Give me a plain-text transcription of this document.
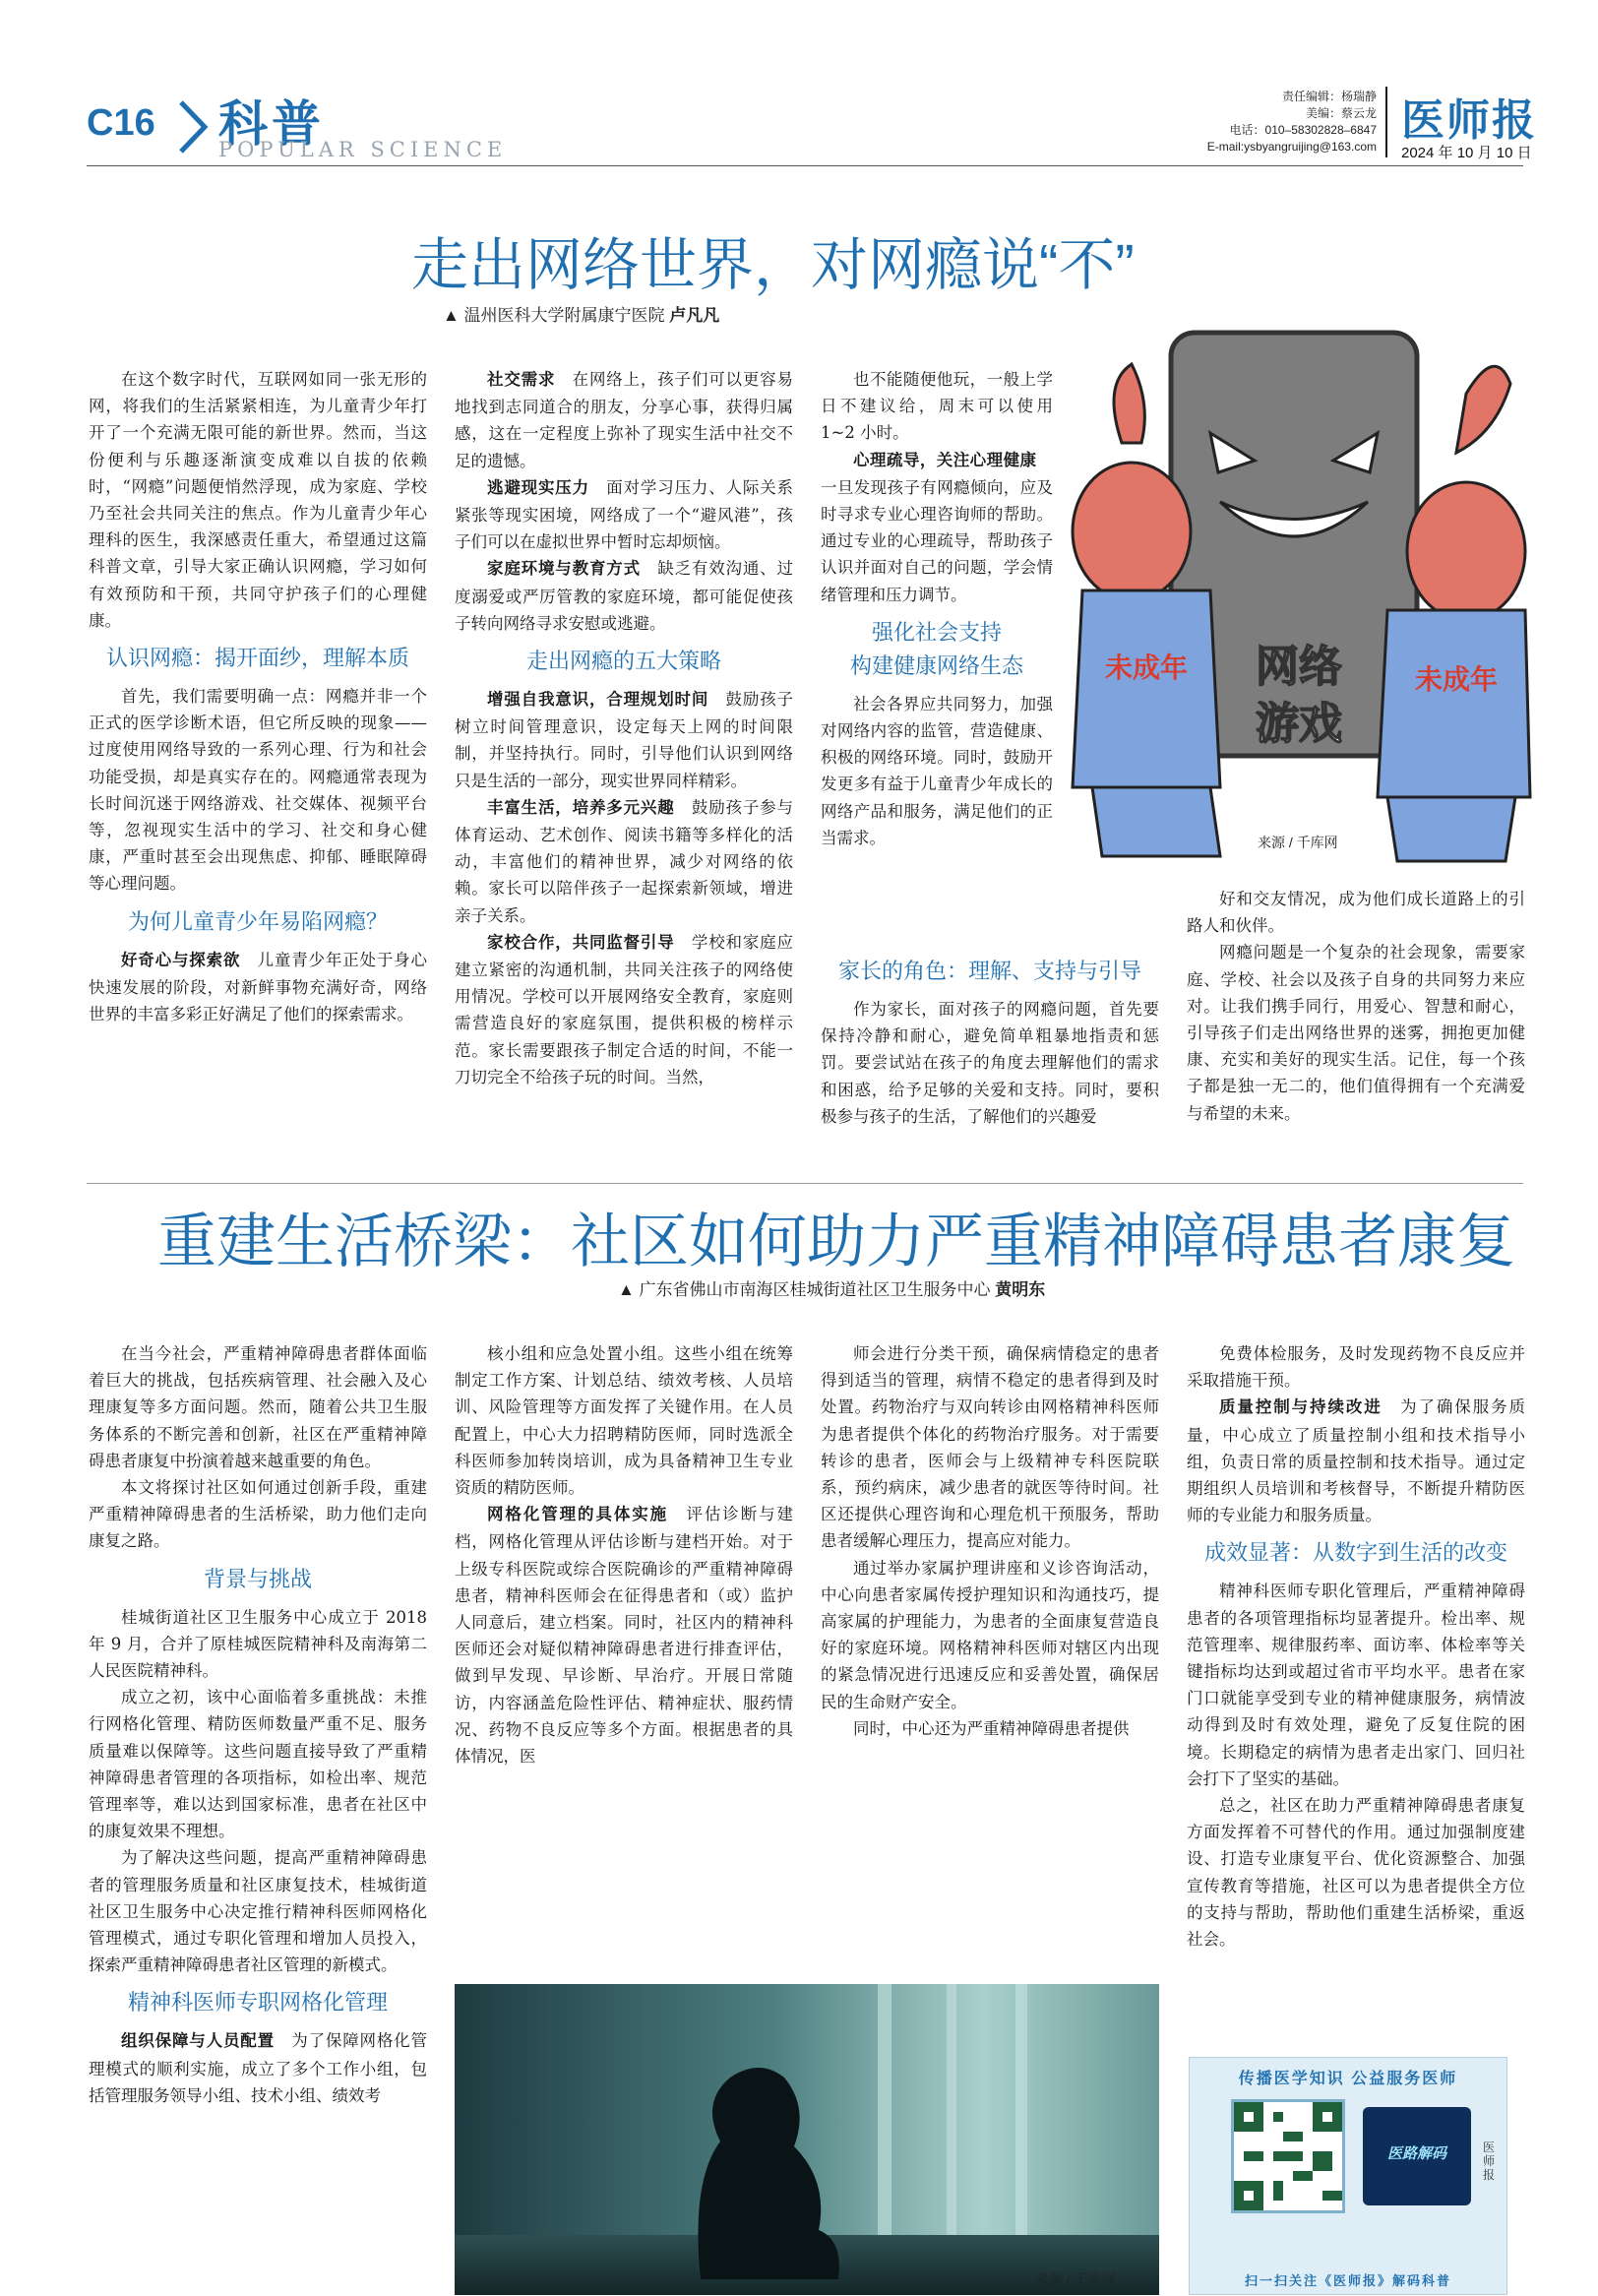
C16 科普
POPULAR SCIENCE
责任编辑：杨瑞静
美编：蔡云龙
电话：010–58302828–6847
E-mail:ysbyangruijing@163.com
医师报
2024 年 10 月 10 日
走出网络世界，对网瘾说“不”
▲ 温州医科大学附属康宁医院 卢凡凡

在这个数字时代，互联网如同一张无形的网，将我们的生活紧紧相连，为儿童青少年打开了一个充满无限可能的新世界。然而，当这份便利与乐趣逐渐演变成难以自拔的依赖时，“网瘾”问题便悄然浮现，成为家庭、学校乃至社会共同关注的焦点。作为儿童青少年心理科的医生，我深感责任重大，希望通过这篇科普文章，引导大家正确认识网瘾，学习如何有效预防和干预，共同守护孩子们的心理健康。

认识网瘾：揭开面纱，理解本质

首先，我们需要明确一点：网瘾并非一个正式的医学诊断术语，但它所反映的现象——过度使用网络导致的一系列心理、行为和社会功能受损，却是真实存在的。网瘾通常表现为长时间沉迷于网络游戏、社交媒体、视频平台等，忽视现实生活中的学习、社交和身心健康，严重时甚至会出现焦虑、抑郁、睡眠障碍等心理问题。

为何儿童青少年易陷网瘾？

好奇心与探索欲  儿童青少年正处于身心快速发展的阶段，对新鲜事物充满好奇，网络世界的丰富多彩正好满足了他们的探索需求。

社交需求  在网络上，孩子们可以更容易地找到志同道合的朋友，分享心事，获得归属感，这在一定程度上弥补了现实生活中社交不足的遗憾。

逃避现实压力  面对学习压力、人际关系紧张等现实困境，网络成了一个“避风港”，孩子们可以在虚拟世界中暂时忘却烦恼。

家庭环境与教育方式  缺乏有效沟通、过度溺爱或严厉管教的家庭环境，都可能促使孩子转向网络寻求安慰或逃避。

走出网瘾的五大策略

增强自我意识，合理规划时间  鼓励孩子树立时间管理意识，设定每天上网的时间限制，并坚持执行。同时，引导他们认识到网络只是生活的一部分，现实世界同样精彩。

丰富生活，培养多元兴趣  鼓励孩子参与体育运动、艺术创作、阅读书籍等多样化的活动，丰富他们的精神世界，减少对网络的依赖。家长可以陪伴孩子一起探索新领域，增进亲子关系。

家校合作，共同监督引导  学校和家庭应建立紧密的沟通机制，共同关注孩子的网络使用情况。学校可以开展网络安全教育，家庭则需营造良好的家庭氛围，提供积极的榜样示范。家长需要跟孩子制定合适的时间，不能一刀切完全不给孩子玩的时间。当然，

也不能随便他玩，一般上学日不建议给，周末可以使用 1~2 小时。

心理疏导，关注心理健康 一旦发现孩子有网瘾倾向，应及时寻求专业心理咨询师的帮助。通过专业的心理疏导，帮助孩子认识并面对自己的问题，学会情绪管理和压力调节。

强化社会支持
构建健康网络生态

社会各界应共同努力，加强对网络内容的监管，营造健康、积极的网络环境。同时，鼓励开发更多有益于儿童青少年成长的网络产品和服务，满足他们的正当需求。

家长的角色：理解、支持与引导

作为家长，面对孩子的网瘾问题，首先要保持冷静和耐心，避免简单粗暴地指责和惩罚。要尝试站在孩子的角度去理解他们的需求和困惑，给予足够的关爱和支持。同时，要积极参与孩子的生活，了解他们的兴趣爱

好和交友情况，成为他们成长道路上的引路人和伙伴。

网瘾问题是一个复杂的社会现象，需要家庭、学校、社会以及孩子自身的共同努力来应对。让我们携手同行，用爱心、智慧和耐心，引导孩子们走出网络世界的迷雾，拥抱更加健康、充实和美好的现实生活。记住，每一个孩子都是独一无二的，他们值得拥有一个充满爱与希望的未来。

未成年	未成年
网络
游戏
来源 / 千库网
重建生活桥梁：社区如何助力严重精神障碍患者康复
▲ 广东省佛山市南海区桂城街道社区卫生服务中心 黄明东

在当今社会，严重精神障碍患者群体面临着巨大的挑战，包括疾病管理、社会融入及心理康复等多方面问题。然而，随着公共卫生服务体系的不断完善和创新，社区在严重精神障碍患者康复中扮演着越来越重要的角色。

本文将探讨社区如何通过创新手段，重建严重精神障碍患者的生活桥梁，助力他们走向康复之路。

背景与挑战

桂城街道社区卫生服务中心成立于 2018 年 9 月，合并了原桂城医院精神科及南海第二人民医院精神科。

成立之初，该中心面临着多重挑战：未推行网格化管理、精防医师数量严重不足、服务质量难以保障等。这些问题直接导致了严重精神障碍患者管理的各项指标，如检出率、规范管理率等，难以达到国家标准，患者在社区中的康复效果不理想。

为了解决这些问题，提高严重精神障碍患者的管理服务质量和社区康复技术，桂城街道社区卫生服务中心决定推行精神科医师网格化管理模式，通过专职化管理和增加人员投入，探索严重精神障碍患者社区管理的新模式。

精神科医师专职网格化管理

组织保障与人员配置  为了保障网格化管理模式的顺利实施，成立了多个工作小组，包括管理服务领导小组、技术小组、绩效考

核小组和应急处置小组。这些小组在统筹制定工作方案、计划总结、绩效考核、人员培训、风险管理等方面发挥了关键作用。在人员配置上，中心大力招聘精防医师，同时选派全科医师参加转岗培训，成为具备精神卫生专业资质的精防医师。

网格化管理的具体实施  评估诊断与建档，网格化管理从评估诊断与建档开始。对于上级专科医院或综合医院确诊的严重精神障碍患者，精神科医师会在征得患者和（或）监护人同意后，建立档案。同时，社区内的精神科医师还会对疑似精神障碍患者进行排查评估，做到早发现、早诊断、早治疗。开展日常随访，内容涵盖危险性评估、精神症状、服药情况、药物不良反应等多个方面。根据患者的具体情况，医

师会进行分类干预，确保病情稳定的患者得到适当的管理，病情不稳定的患者得到及时处置。药物治疗与双向转诊由网格精神科医师为患者提供个体化的药物治疗服务。对于需要转诊的患者，医师会与上级精神专科医院联系，预约病床，减少患者的就医等待时间。社区还提供心理咨询和心理危机干预服务，帮助患者缓解心理压力，提高应对能力。

通过举办家属护理讲座和义诊咨询活动，中心向患者家属传授护理知识和沟通技巧，提高家属的护理能力，为患者的全面康复营造良好的家庭环境。网格精神科医师对辖区内出现的紧急情况进行迅速反应和妥善处置，确保居民的生命财产安全。

同时，中心还为严重精神障碍患者提供

免费体检服务，及时发现药物不良反应并采取措施干预。

质量控制与持续改进  为了确保服务质量，中心成立了质量控制小组和技术指导小组，负责日常的质量控制和技术指导。通过定期组织人员培训和考核督导，不断提升精防医师的专业能力和服务质量。

成效显著：从数字到生活的改变

精神科医师专职化管理后，严重精神障碍患者的各项管理指标均显著提升。检出率、规范管理率、规律服药率、面访率、体检率等关键指标均达到或超过省市平均水平。患者在家门口就能享受到专业的精神健康服务，病情波动得到及时有效处理，避免了反复住院的困境。长期稳定的病情为患者走出家门、回归社会打下了坚实的基础。

总之，社区在助力严重精神障碍患者康复方面发挥着不可替代的作用。通过加强制度建设、打造专业康复平台、优化资源整合、加强宣传教育等措施，社区可以为患者提供全方位的支持与帮助，帮助他们重建生活桥梁，重返社会。

来源 / 千库网
传播医学知识 公益服务医师
医路解码	医师报
扫一扫关注《医师报》解码科普
